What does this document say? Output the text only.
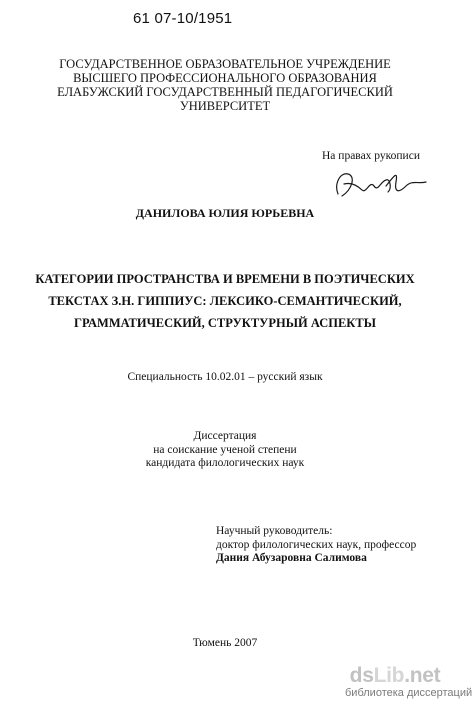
61 07-10/1951
ГОСУДАРСТВЕННОЕ ОБРАЗОВАТЕЛЬНОЕ УЧРЕЖДЕНИЕ
ВЫСШЕГО ПРОФЕССИОНАЛЬНОГО ОБРАЗОВАНИЯ
ЕЛАБУЖСКИЙ ГОСУДАРСТВЕННЫЙ ПЕДАГОГИЧЕСКИЙ
УНИВЕРСИТЕТ
На правах рукописи
ДАНИЛОВА ЮЛИЯ ЮРЬЕВНА
КАТЕГОРИИ ПРОСТРАНСТВА И ВРЕМЕНИ В ПОЭТИЧЕСКИХ
ТЕКСТАХ З.Н. ГИППИУС: ЛЕКСИКО-СЕМАНТИЧЕСКИЙ,
ГРАММАТИЧЕСКИЙ, СТРУКТУРНЫЙ АСПЕКТЫ
Специальность 10.02.01 – русский язык
Диссертация
на соискание ученой степени
кандидата филологических наук
Научный руководитель:
доктор филологических наук, профессор
Дания Абузаровна Салимова
Тюмень 2007
dsLib.net
библиотека диссертаций
